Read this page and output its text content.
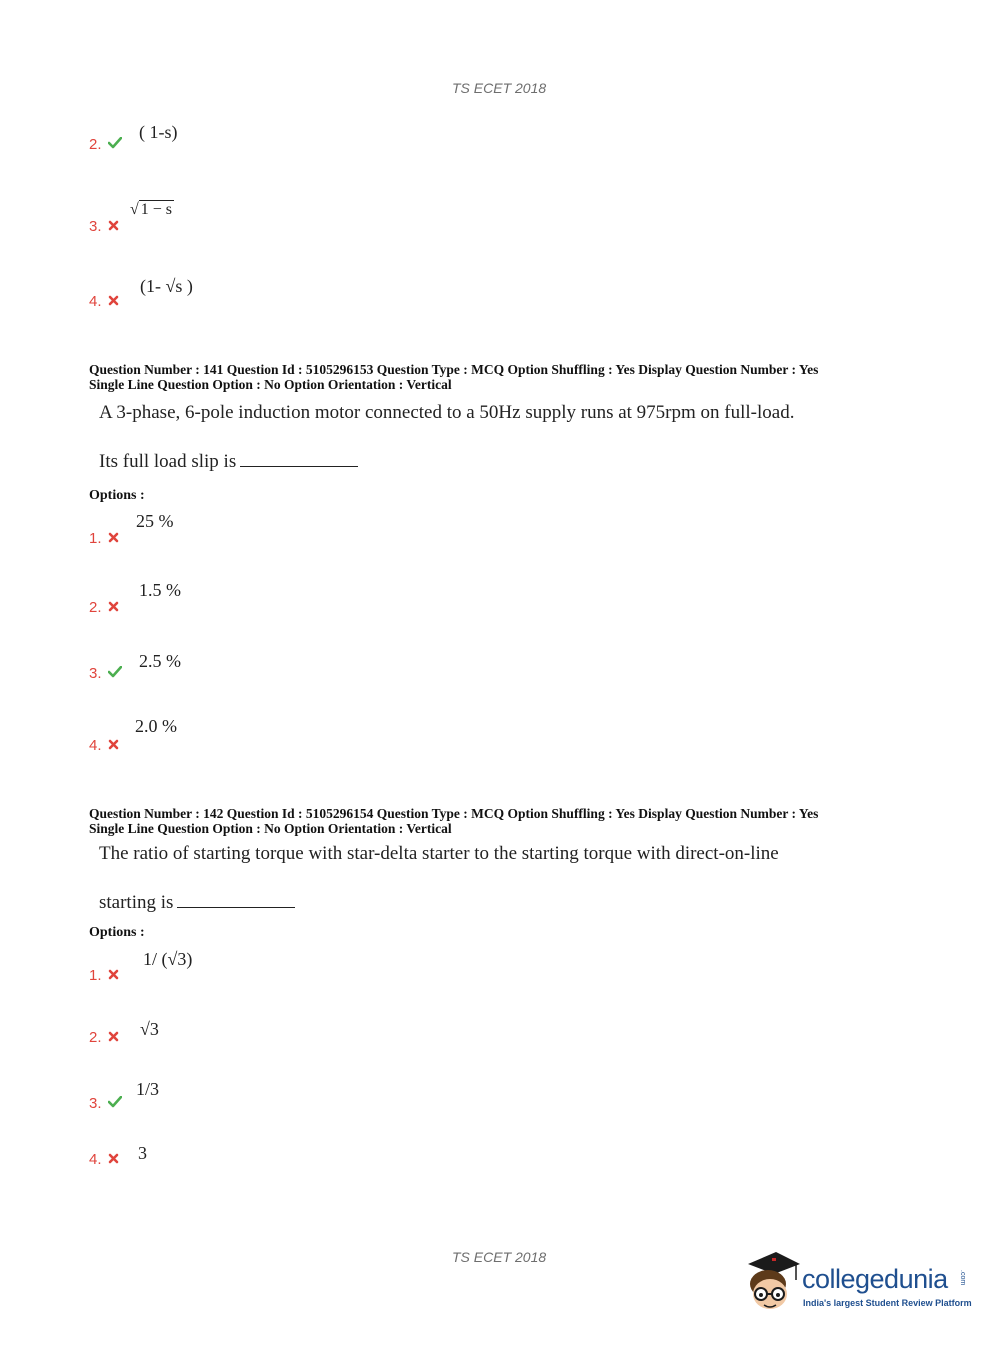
TS ECET 2018
2.
( 1-s)
3.
√ 1 − s
4.
(1- √s )
Question Number : 141 Question Id : 5105296153 Question Type : MCQ Option Shuffling : Yes Display Question Number : Yes
Single Line Question Option : No Option Orientation : Vertical
A 3-phase, 6-pole induction motor connected to a 50Hz supply runs at 975rpm on full-load.
Its full load slip is
Options :
1.
25 %
2.
1.5 %
3.
2.5 %
4.
2.0 %
Question Number : 142 Question Id : 5105296154 Question Type : MCQ Option Shuffling : Yes Display Question Number : Yes
Single Line Question Option : No Option Orientation : Vertical
The ratio of starting torque with star-delta starter to the starting torque with direct-on-line
starting is
Options :
1.
1/ (√3)
2.	√3
3.
1/3
4.	3
TS ECET 2018
collegedunia .com
India's largest Student Review Platform
